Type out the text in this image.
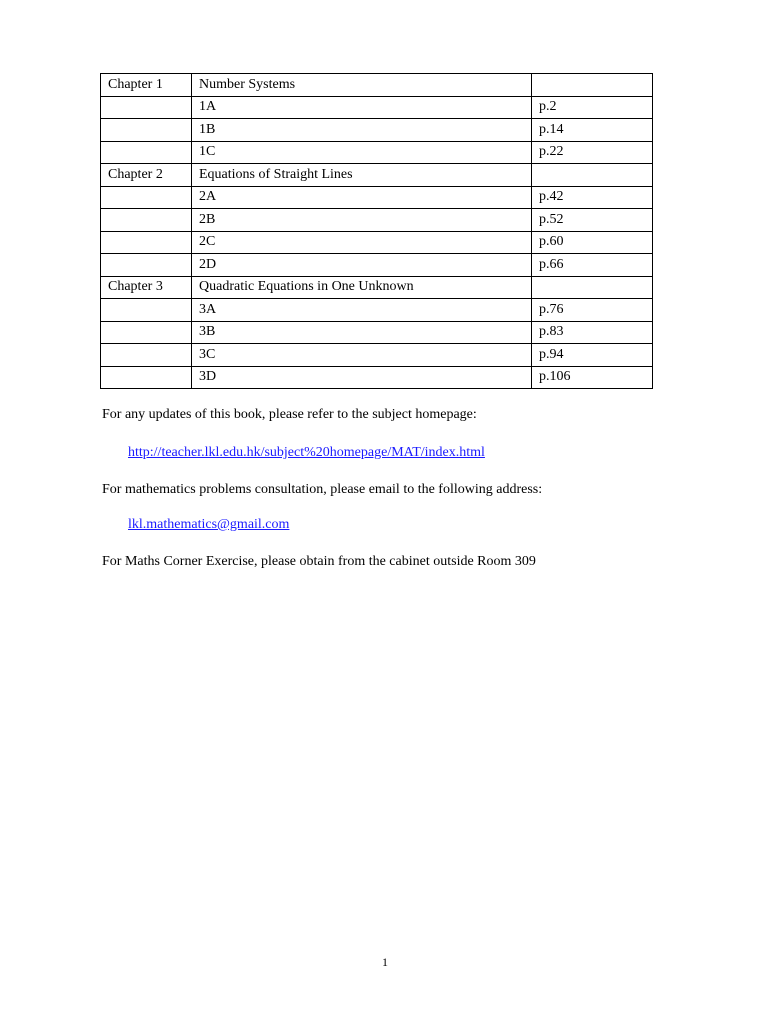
Chapter 1	Number Systems	
	1A	p.2
	1B	p.14
	1C	p.22
Chapter 2	Equations of Straight Lines	
	2A	p.42
	2B	p.52
	2C	p.60
	2D	p.66
Chapter 3	Quadratic Equations in One Unknown	
	3A	p.76
	3B	p.83
	3C	p.94
	3D	p.106
For any updates of this book, please refer to the subject homepage:
http://teacher.lkl.edu.hk/subject%20homepage/MAT/index.html
For mathematics problems consultation, please email to the following address:
lkl.mathematics@gmail.com
For Maths Corner Exercise, please obtain from the cabinet outside Room 309
1
